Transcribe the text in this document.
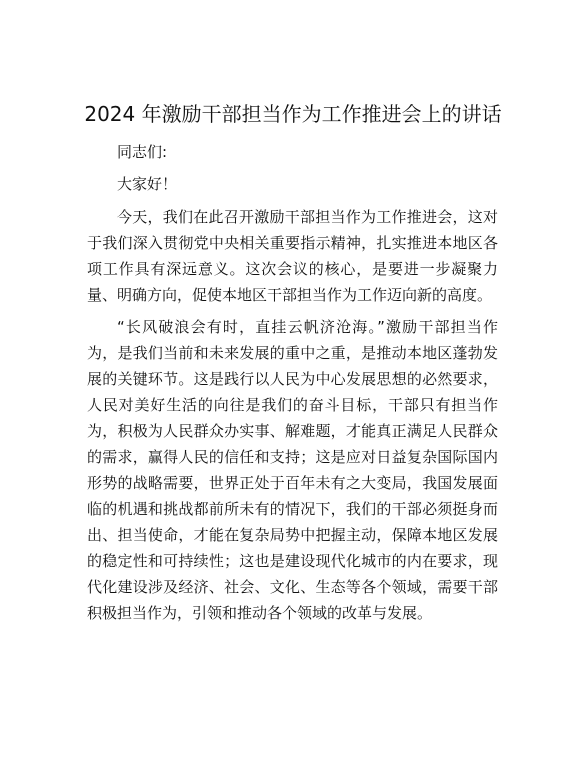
2024 年激励干部担当作为工作推进会上的讲话

同志们:

大家好！

今天，我们在此召开激励干部担当作为工作推进会，这对于我们深入贯彻党中央相关重要指示精神，扎实推进本地区各项工作具有深远意义。这次会议的核心，是要进一步凝聚力量、明确方向，促使本地区干部担当作为工作迈向新的高度。

“长风破浪会有时，直挂云帆济沧海。”激励干部担当作为，是我们当前和未来发展的重中之重，是推动本地区蓬勃发展的关键环节。这是践行以人民为中心发展思想的必然要求，人民对美好生活的向往是我们的奋斗目标，干部只有担当作为，积极为人民群众办实事、解难题，才能真正满足人民群众的需求，赢得人民的信任和支持；这是应对日益复杂国际国内形势的战略需要，世界正处于百年未有之大变局，我国发展面临的机遇和挑战都前所未有的情况下，我们的干部必须挺身而出、担当使命，才能在复杂局势中把握主动，保障本地区发展的稳定性和可持续性；这也是建设现代化城市的内在要求，现代化建设涉及经济、社会、文化、生态等各个领域，需要干部积极担当作为，引领和推动各个领域的改革与发展。
